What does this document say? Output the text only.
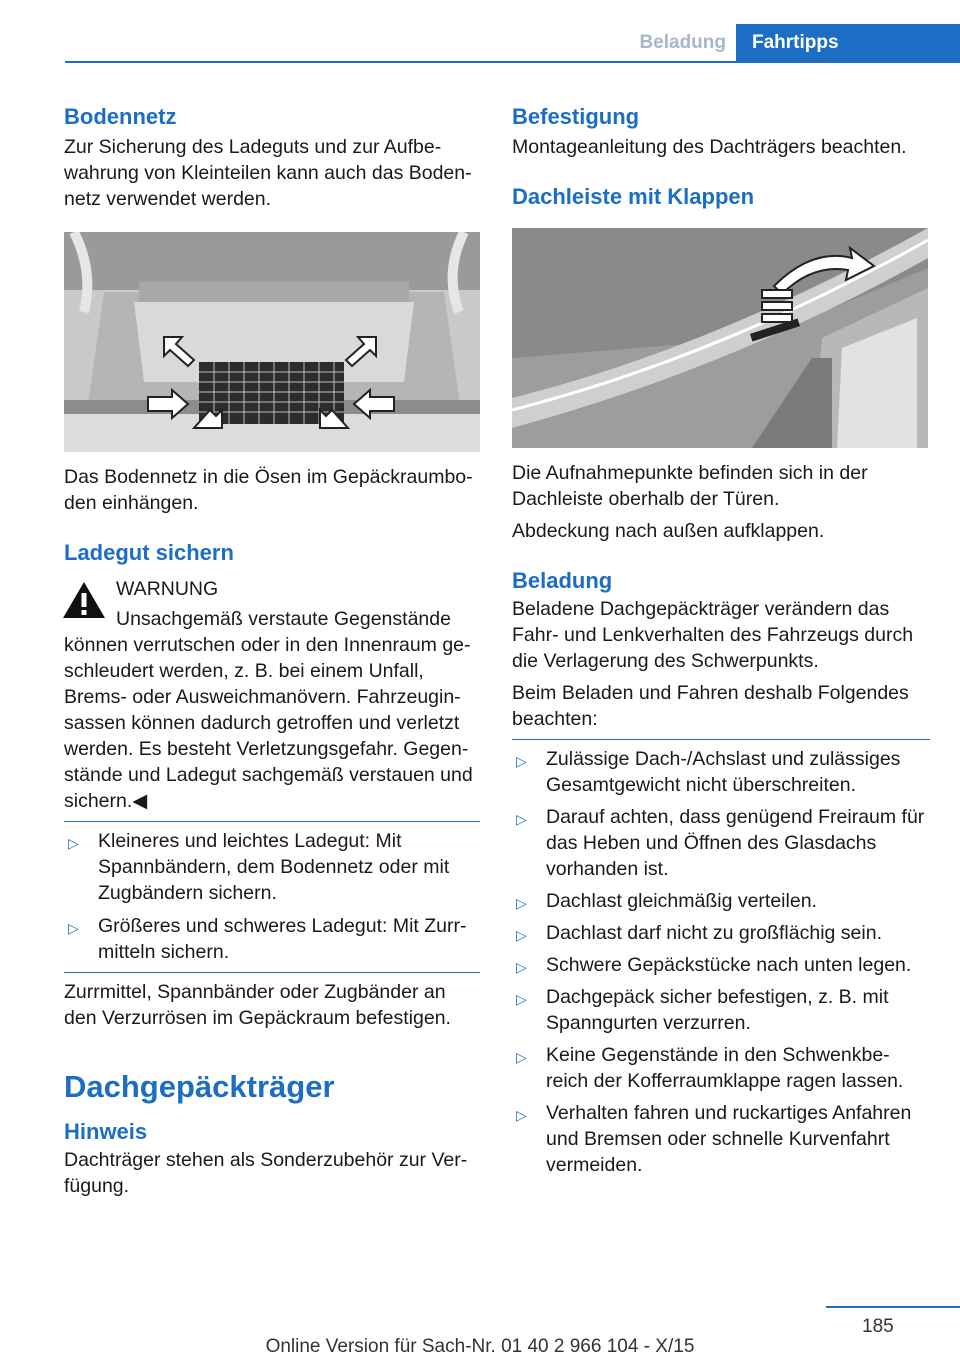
Beladung	Fahrtipps
Bodennetz

Zur Sicherung des Ladeguts und zur Aufbe-wahrung von Kleinteilen kann auch das Boden-netz verwendet werden.

Das Bodennetz in die Ösen im Gepäckraumbo-den einhängen.

Ladegut sichern

WARNUNG

Unsachgemäß verstaute Gegenstände

können verrutschen oder in den Innenraum ge-schleudert werden, z. B. bei einem Unfall, Brems- oder Ausweichmanövern. Fahrzeugin-sassen können dadurch getroffen und verletzt werden. Es besteht Verletzungsgefahr. Gegen-stände und Ladegut sachgemäß verstauen und sichern.◀

▷ Kleineres und leichtes Ladegut: Mit Spannbändern, dem Bodennetz oder mit Zugbändern sichern.
▷ Größeres und schweres Ladegut: Mit Zurr-mitteln sichern.

Zurrmittel, Spannbänder oder Zugbänder an den Verzurrösen im Gepäckraum befestigen.

Dachgepäckträger
Hinweis

Dachträger stehen als Sonderzubehör zur Ver-fügung.

Befestigung

Montageanleitung des Dachträgers beachten.

Dachleiste mit Klappen

Die Aufnahmepunkte befinden sich in der Dachleiste oberhalb der Türen.

Abdeckung nach außen aufklappen.

Beladung

Beladene Dachgepäckträger verändern das Fahr- und Lenkverhalten des Fahrzeugs durch die Verlagerung des Schwerpunkts.

Beim Beladen und Fahren deshalb Folgendes beachten:

▷ Zulässige Dach-/Achslast und zulässiges Gesamtgewicht nicht überschreiten.
▷ Darauf achten, dass genügend Freiraum für das Heben und Öffnen des Glasdachs vorhanden ist.
▷ Dachlast gleichmäßig verteilen.
▷ Dachlast darf nicht zu großflächig sein.
▷ Schwere Gepäckstücke nach unten legen.
▷ Dachgepäck sicher befestigen, z. B. mit Spanngurten verzurren.
▷ Keine Gegenstände in den Schwenkbe-reich der Kofferraumklappe ragen lassen.
▷ Verhalten fahren und ruckartiges Anfahren und Bremsen oder schnelle Kurvenfahrt vermeiden.
185
Online Version für Sach-Nr. 01 40 2 966 104 - X/15
